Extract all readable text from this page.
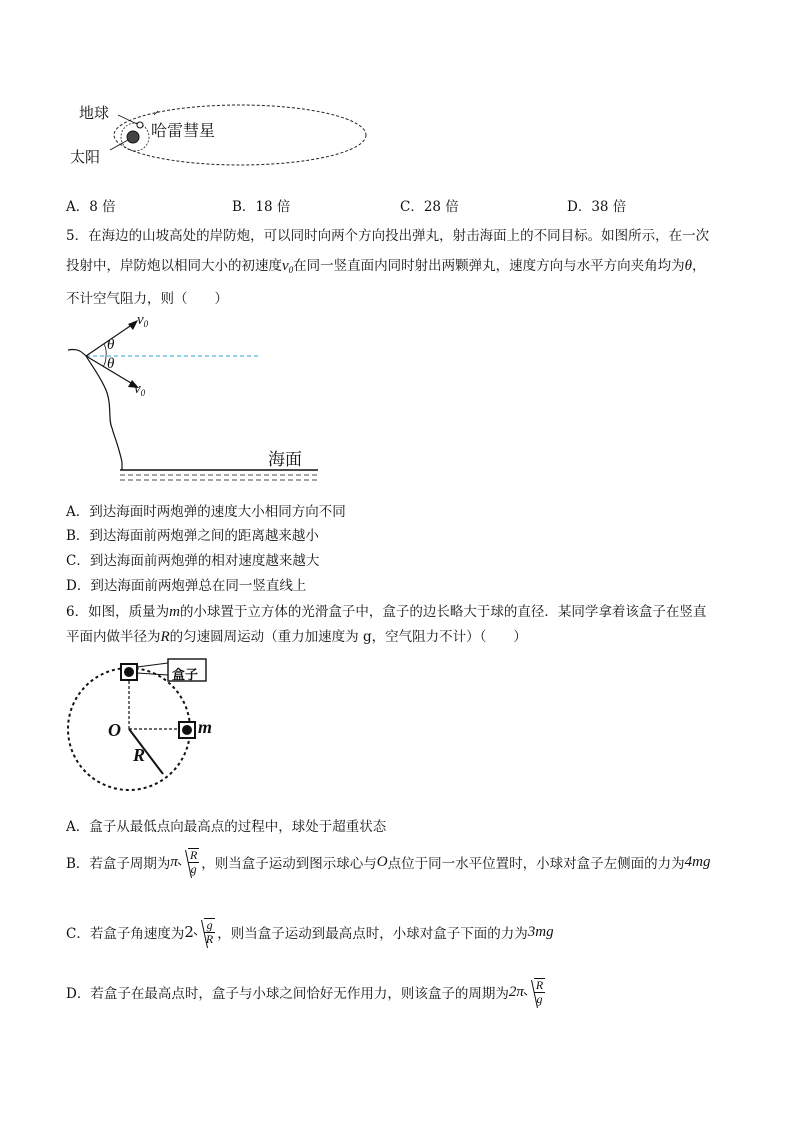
地球
哈雷彗星
太阳
A．8 倍	B．18 倍	C．28 倍	D．38 倍
5．在海边的山坡高处的岸防炮，可以同时向两个方向投出弹丸，射击海面上的不同目标。如图所示，在一次
投射中，岸防炮以相同大小的初速度$v_0$在同一竖直面内同时射出两颗弹丸，速度方向与水平方向夹角均为θ，
不计空气阻力，则（　　）
$v_0$
θ
θ
$v_0$
海面
A．到达海面时两炮弹的速度大小相同方向不同
B．到达海面前两炮弹之间的距离越来越小
C．到达海面前两炮弹的相对速度越来越大
D．到达海面前两炮弹总在同一竖直线上
6．如图，质量为m的小球置于立方体的光滑盒子中，盒子的边长略大于球的直径．某同学拿着该盒子在竖直
平面内做半径为R的匀速圆周运动（重力加速度为 g，空气阻力不计）（　　）
盒子
O	m
R
A．盒子从最低点向最高点的过程中，球处于超重状态
B．若盒子周期为 π $\frac{R}{g}$ ，则当盒子运动到图示球心与 O 点位于同一水平位置时，小球对盒子左侧面的力为 4mg
C．若盒子角速度为 $2 \frac{g}{R}$ ，则当盒子运动到最高点时，小球对盒子下面的力为 3mg
D．若盒子在最高点时，盒子与小球之间恰好无作用力，则该盒子的周期为 $2\pi \frac{R}{g}$
